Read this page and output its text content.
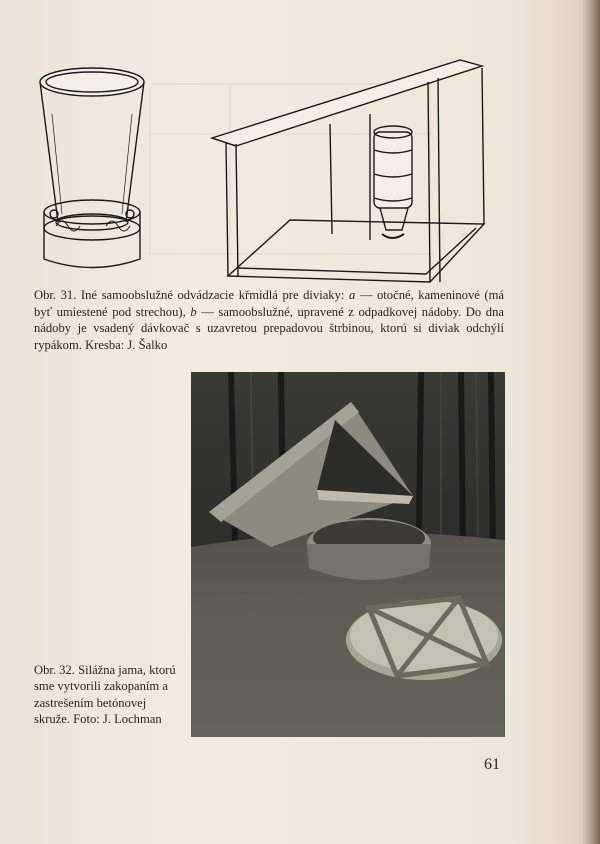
Obr. 31. Iné samoobslužné odvádzacie křmidlá pre diviaky: a — otočné, kameninové (má byť umiestené pod strechou), b — samoobslužné, upravené z odpadkovej nádoby. Do dna nádoby je vsadený dávkovač s uzavretou prepadovou štrbinou, ktorú si diviak odchýlí rypákom. Kresba: J. Šalko

Obr. 32. Silážna jama, ktorú sme vytvorili zakopaním a zastrešením betónovej skruže. Foto: J. Lochman

61
